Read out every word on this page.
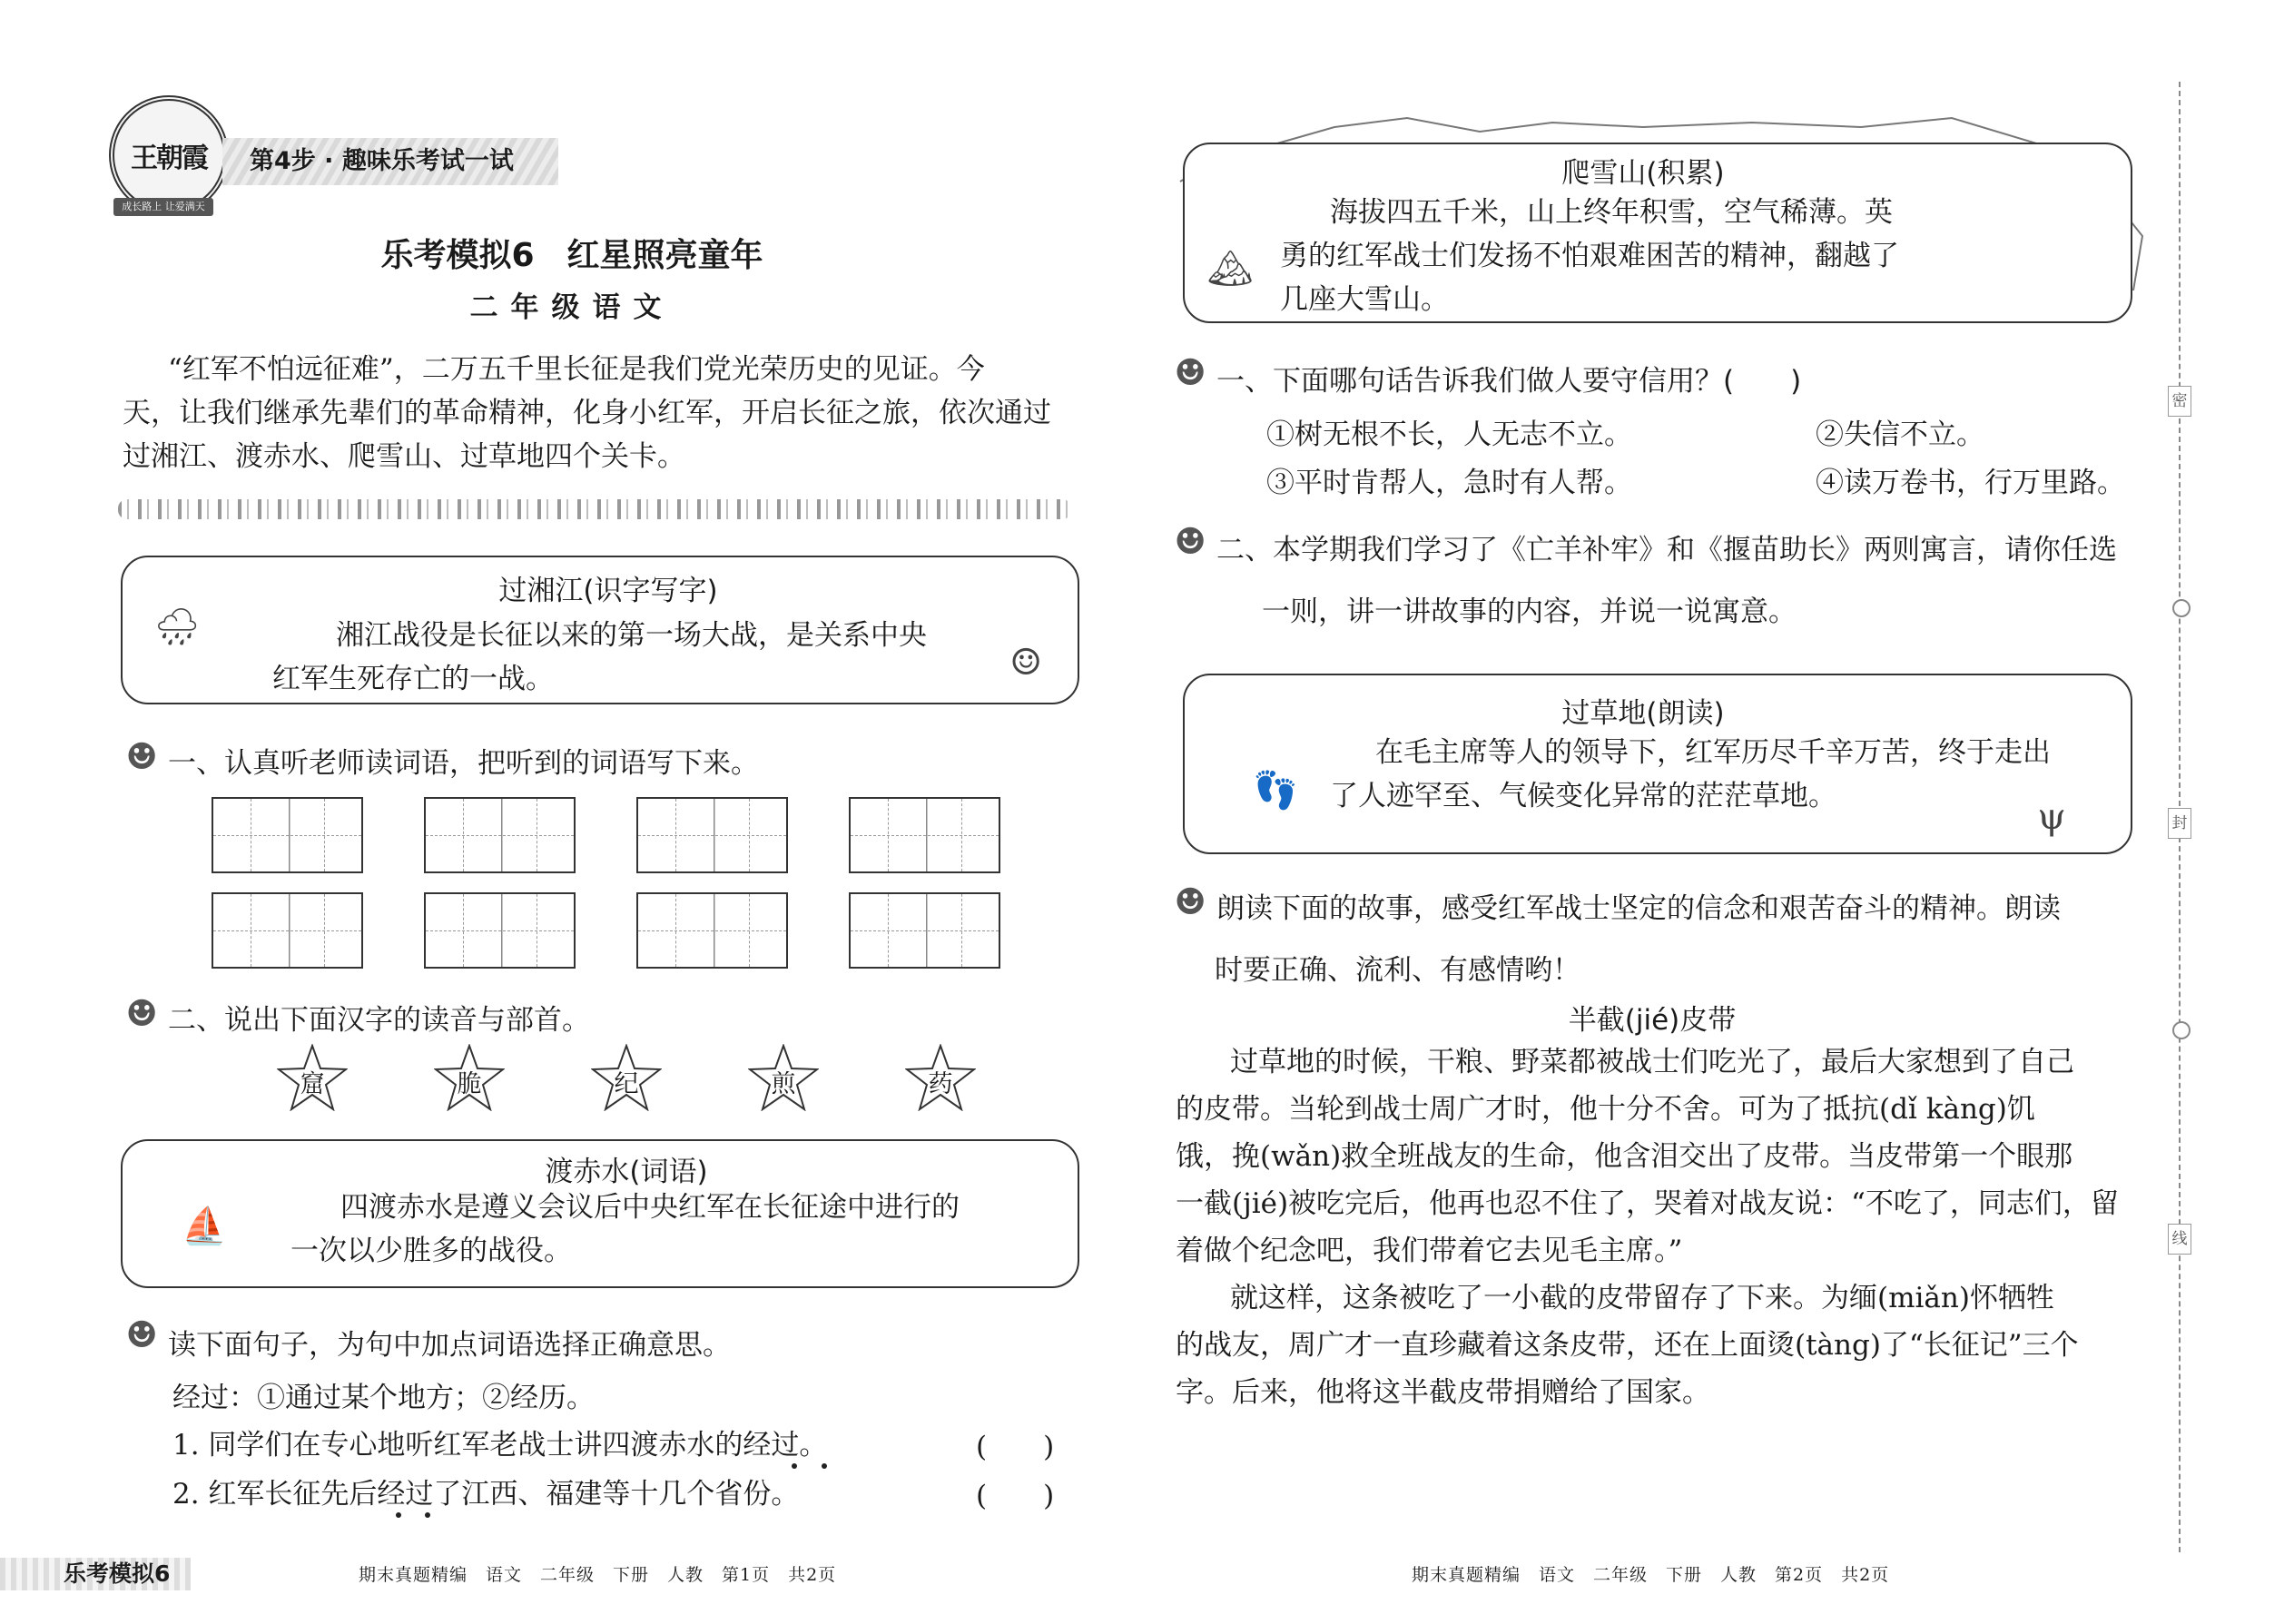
王朝霞
成长路上 让爱满天
第4步 · 趣味乐考试一试
乐考模拟6　红星照亮童年
二年级语文
“红军不怕远征难”，二万五千里长征是我们党光荣历史的见证。今
天，让我们继承先辈们的革命精神，化身小红军，开启长征之旅，依次通过
过湘江、渡赤水、爬雪山、过草地四个关卡。
🌧
☺
过湘江(识字写字)
湘江战役是长征以来的第一场大战，是关系中央
红军生死存亡的一战。
☻ 一、认真听老师读词语，把听到的词语写下来。
☻ 二、说出下面汉字的读音与部首。
窟	脆	纪	煎	药
⛵
渡赤水(词语)
四渡赤水是遵义会议后中央红军在长征途中进行的
一次以少胜多的战役。
☻ 读下面句子，为句中加点词语选择正确意思。
经过：①通过某个地方；②经历。
1. 同学们在专心地听红军老战士讲四渡赤水的经过。	(　　)
2. 红军长征先后经过了江西、福建等十几个省份。	(　　)
乐考模拟6	期末真题精编　语文　二年级　下册　人教　第1页　共2页
🏔
爬雪山(积累)
海拔四五千米，山上终年积雪，空气稀薄。英
勇的红军战士们发扬不怕艰难困苦的精神，翻越了
几座大雪山。
☻ 一、下面哪句话告诉我们做人要守信用？(　　)
①树无根不长，人无志不立。	②失信不立。
③平时肯帮人，急时有人帮。	④读万卷书，行万里路。
☻ 二、本学期我们学习了《亡羊补牢》和《揠苗助长》两则寓言，请你任选
一则，讲一讲故事的内容，并说一说寓意。
👣
ψ
过草地(朗读)
在毛主席等人的领导下，红军历尽千辛万苦，终于走出
了人迹罕至、气候变化异常的茫茫草地。
☻ 朗读下面的故事，感受红军战士坚定的信念和艰苦奋斗的精神。朗读
时要正确、流利、有感情哟！
半截(jié)皮带
过草地的时候，干粮、野菜都被战士们吃光了，最后大家想到了自己
的皮带。当轮到战士周广才时，他十分不舍。可为了抵抗(dǐ kàng)饥
饿，挽(wǎn)救全班战友的生命，他含泪交出了皮带。当皮带第一个眼那
一截(jié)被吃完后，他再也忍不住了，哭着对战友说：“不吃了，同志们，留
着做个纪念吧，我们带着它去见毛主席。”
就这样，这条被吃了一小截的皮带留存了下来。为缅(miǎn)怀牺牲
的战友，周广才一直珍藏着这条皮带，还在上面烫(tàng)了“长征记”三个
字。后来，他将这半截皮带捐赠给了国家。
期末真题精编　语文　二年级　下册　人教　第2页　共2页
密
封
线
